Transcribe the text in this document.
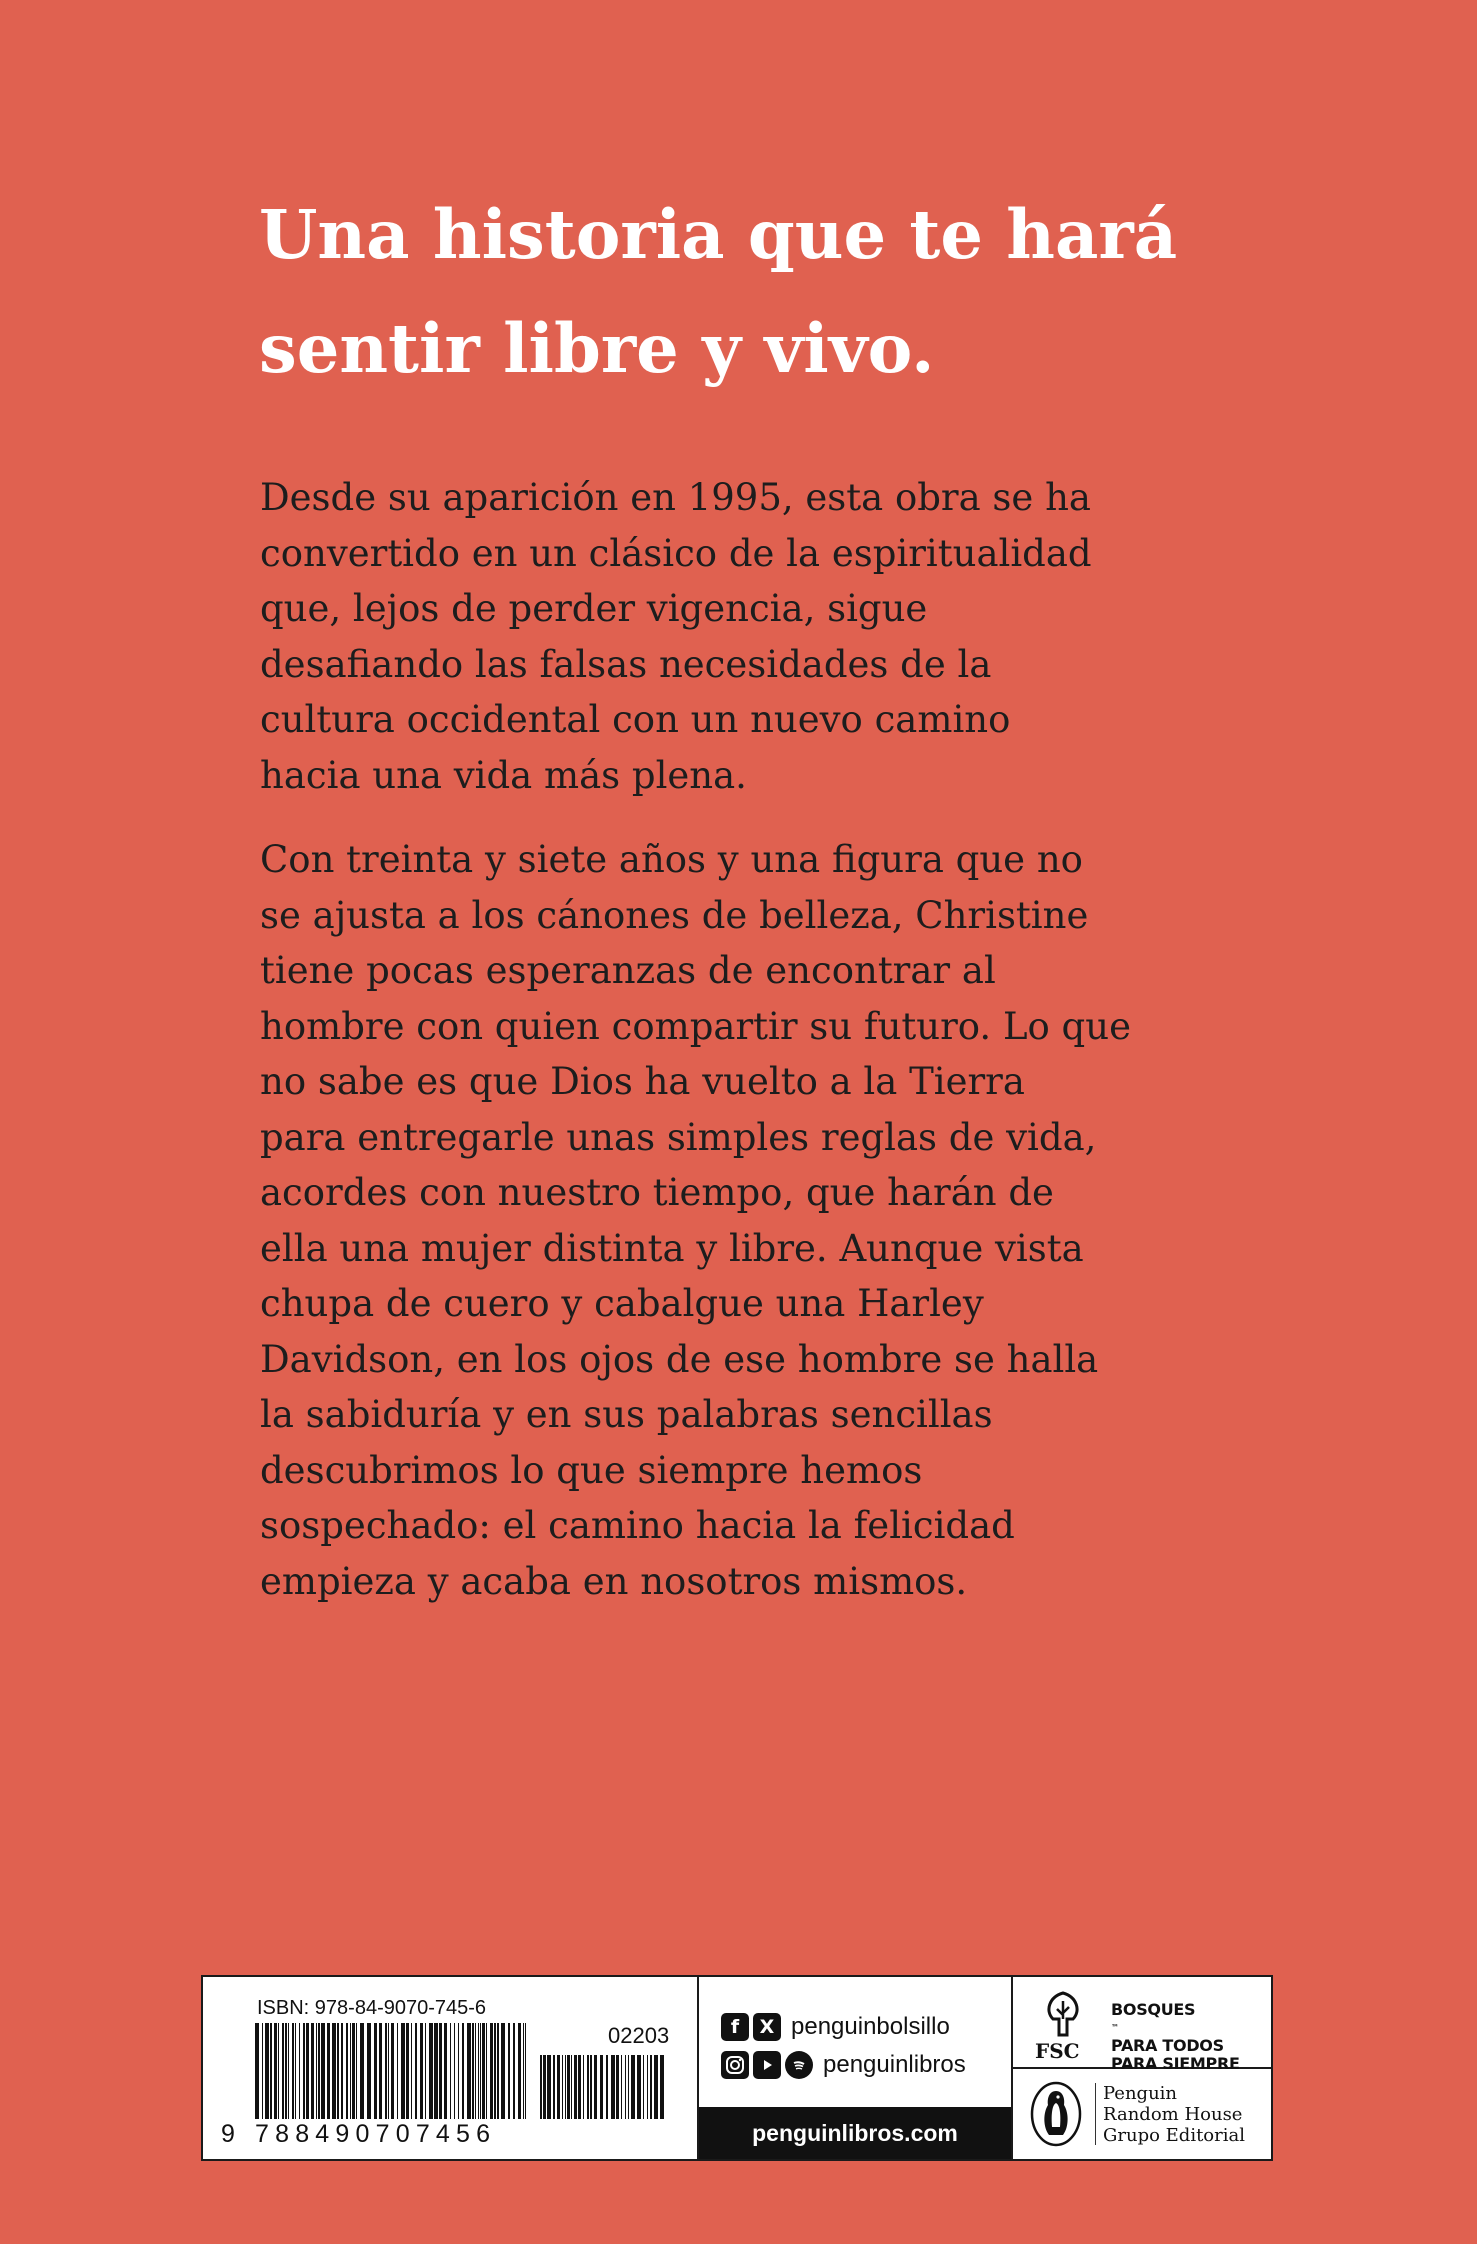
Una historia que te hará
sentir libre y vivo.

Desde su aparición en 1995, esta obra se ha
convertido en un clásico de la espiritualidad
que, lejos de perder vigencia, sigue
desafiando las falsas necesidades de la
cultura occidental con un nuevo camino
hacia una vida más plena.

Con treinta y siete años y una figura que no
se ajusta a los cánones de belleza, Christine
tiene pocas esperanzas de encontrar al
hombre con quien compartir su futuro. Lo que
no sabe es que Dios ha vuelto a la Tierra
para entregarle unas simples reglas de vida,
acordes con nuestro tiempo, que harán de
ella una mujer distinta y libre. Aunque vista
chupa de cuero y cabalgue una Harley
Davidson, en los ojos de ese hombre se halla
la sabiduría y en sus palabras sencillas
descubrimos lo que siempre hemos
sospechado: el camino hacia la felicidad
empieza y acaba en nosotros mismos.

ISBN: 978-84-9070-745-6
02203
9 788490707456
f	X penguinbolsillo
penguinlibros
penguinlibros.com
FSC
BOSQUES
™
PARA TODOS
PARA SIEMPRE
Penguin
Random House
Grupo Editorial
